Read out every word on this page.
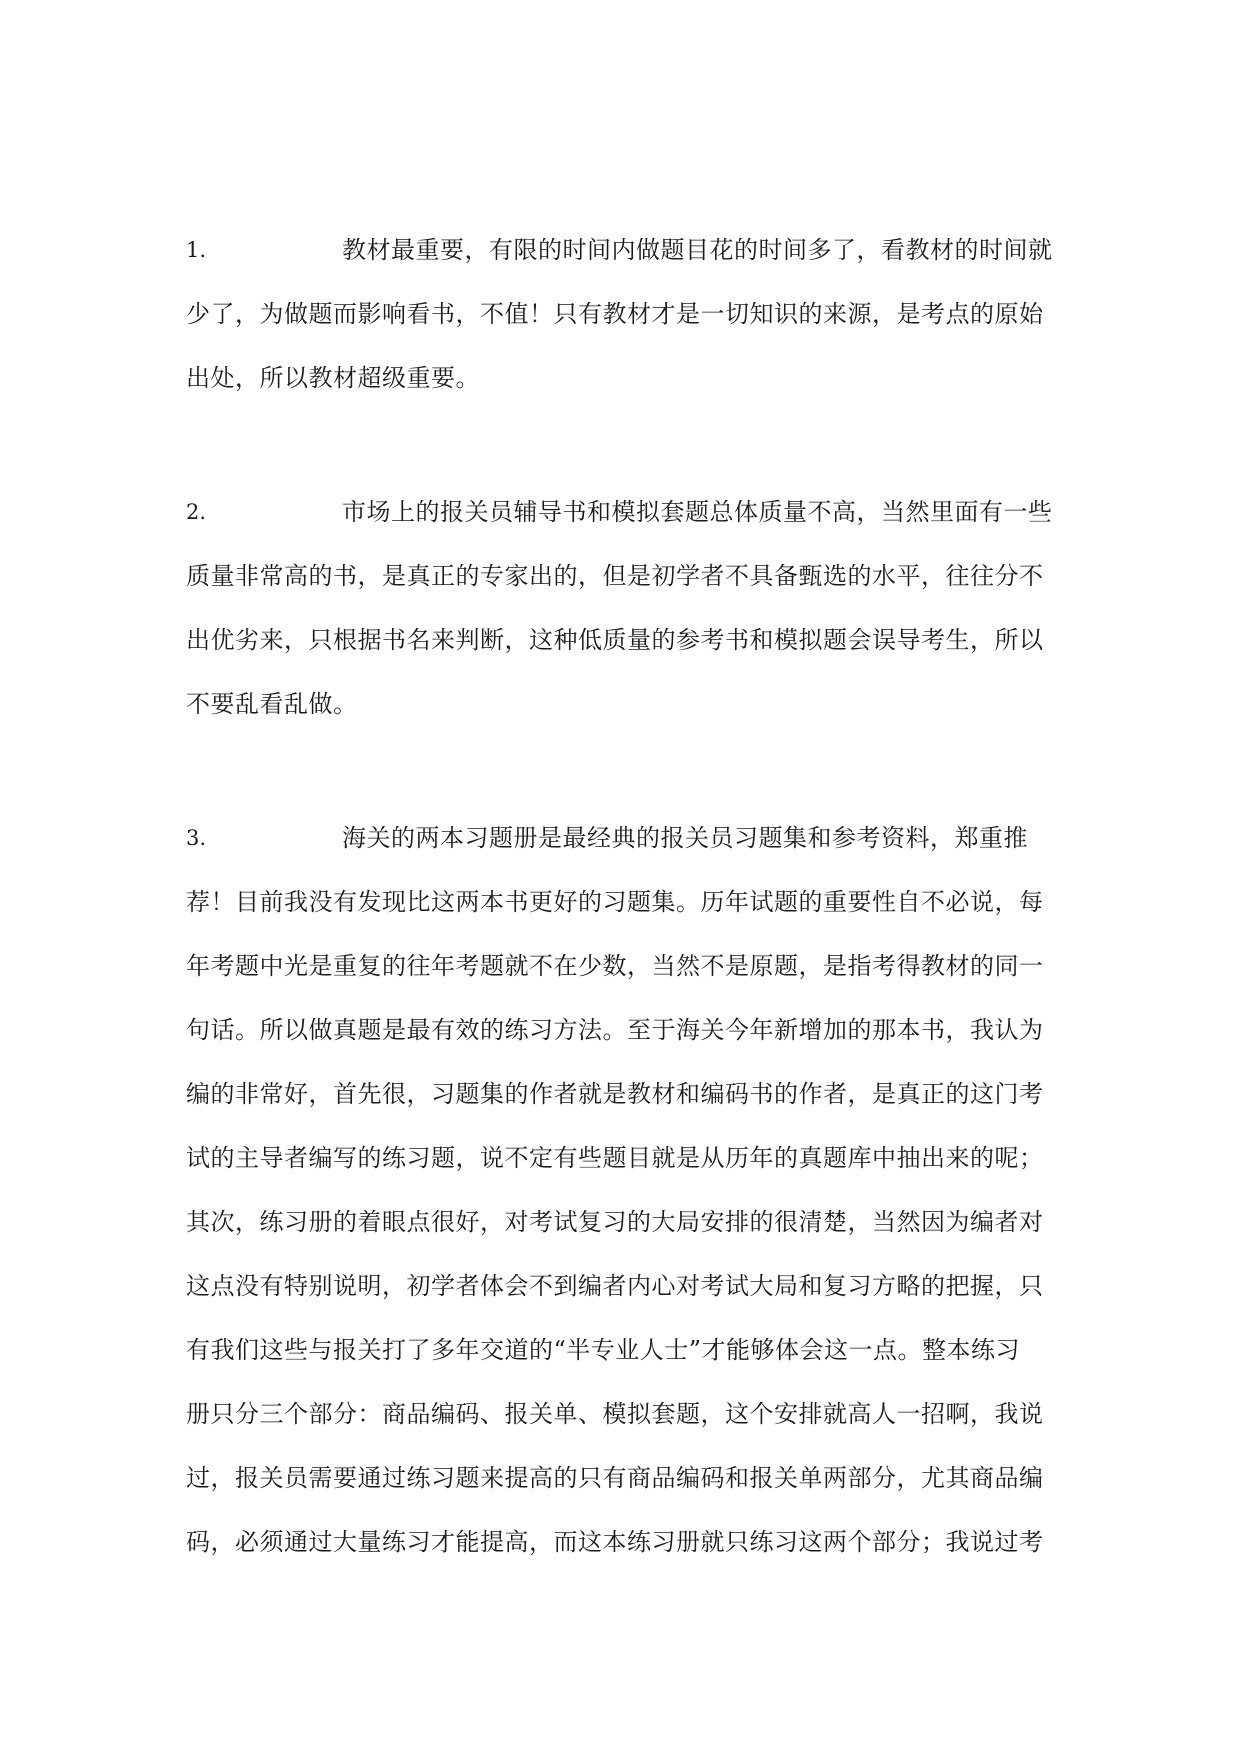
1.	教材最重要，有限的时间内做题目花的时间多了，看教材的时间就
少了，为做题而影响看书，不值！只有教材才是一切知识的来源，是考点的原始
出处，所以教材超级重要。
2.	市场上的报关员辅导书和模拟套题总体质量不高，当然里面有一些
质量非常高的书，是真正的专家出的，但是初学者不具备甄选的水平，往往分不
出优劣来，只根据书名来判断，这种低质量的参考书和模拟题会误导考生，所以
不要乱看乱做。
3.	海关的两本习题册是最经典的报关员习题集和参考资料，郑重推
荐！目前我没有发现比这两本书更好的习题集。历年试题的重要性自不必说，每
年考题中光是重复的往年考题就不在少数，当然不是原题，是指考得教材的同一
句话。所以做真题是最有效的练习方法。至于海关今年新增加的那本书，我认为
编的非常好，首先很，习题集的作者就是教材和编码书的作者，是真正的这门考
试的主导者编写的练习题，说不定有些题目就是从历年的真题库中抽出来的呢；
其次，练习册的着眼点很好，对考试复习的大局安排的很清楚，当然因为编者对
这点没有特别说明，初学者体会不到编者内心对考试大局和复习方略的把握，只
有我们这些与报关打了多年交道的“半专业人士”才能够体会这一点。整本练习
册只分三个部分：商品编码、报关单、模拟套题，这个安排就高人一招啊，我说
过，报关员需要通过练习题来提高的只有商品编码和报关单两部分，尤其商品编
码，必须通过大量练习才能提高，而这本练习册就只练习这两个部分；我说过考
